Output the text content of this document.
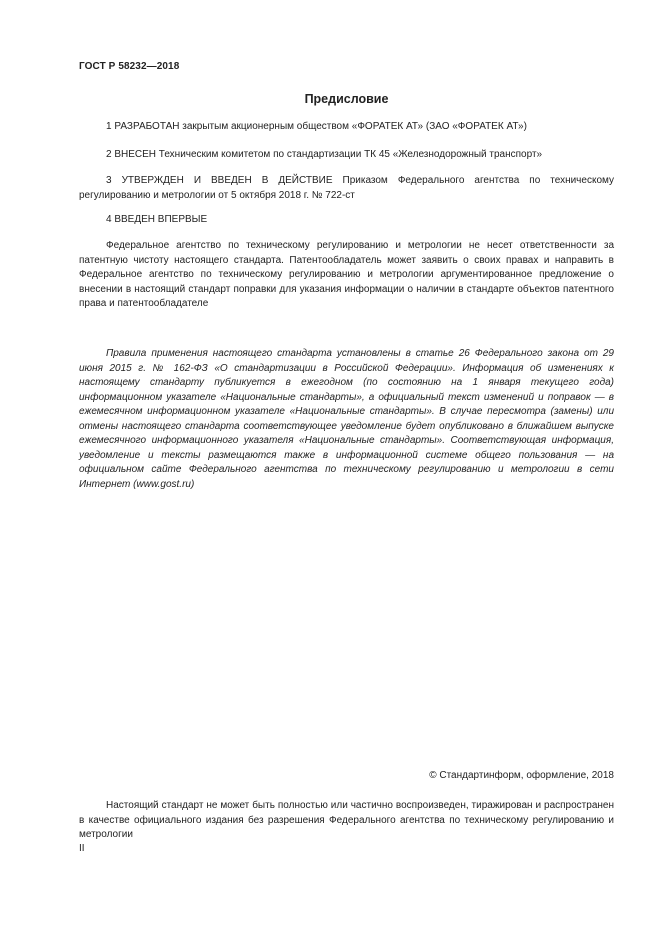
ГОСТ Р 58232—2018
Предисловие

1 РАЗРАБОТАН закрытым акционерным обществом «ФОРАТЕК АТ» (ЗАО «ФОРАТЕК АТ»)

2 ВНЕСЕН Техническим комитетом по стандартизации ТК 45 «Железнодорожный транспорт»

3 УТВЕРЖДЕН И ВВЕДЕН В ДЕЙСТВИЕ Приказом Федерального агентства по техническому регулированию и метрологии от 5 октября 2018 г. № 722-ст

4 ВВЕДЕН ВПЕРВЫЕ

Федеральное агентство по техническому регулированию и метрологии не несет ответственности за патентную чистоту настоящего стандарта. Патентообладатель может заявить о своих правах и направить в Федеральное агентство по техническому регулированию и метрологии аргументированное предложение о внесении в настоящий стандарт поправки для указания информации о наличии в стандарте объектов патентного права и патентообладателе

Правила применения настоящего стандарта установлены в статье 26 Федерального закона от 29 июня 2015 г. № 162-ФЗ «О стандартизации в Российской Федерации». Информация об изменениях к настоящему стандарту публикуется в ежегодном (по состоянию на 1 января текущего года) информационном указателе «Национальные стандарты», а официальный текст изменений и поправок — в ежемесячном информационном указателе «Национальные стандарты». В случае пересмотра (замены) или отмены настоящего стандарта соответствующее уведомление будет опубликовано в ближайшем выпуске ежемесячного информационного указателя «Национальные стандарты». Соответствующая информация, уведомление и тексты размещаются также в информационной системе общего пользования — на официальном сайте Федерального агентства по техническому регулированию и метрологии в сети Интернет (www.gost.ru)

© Стандартинформ, оформление, 2018

Настоящий стандарт не может быть полностью или частично воспроизведен, тиражирован и распространен в качестве официального издания без разрешения Федерального агентства по техническому регулированию и метрологии

II
